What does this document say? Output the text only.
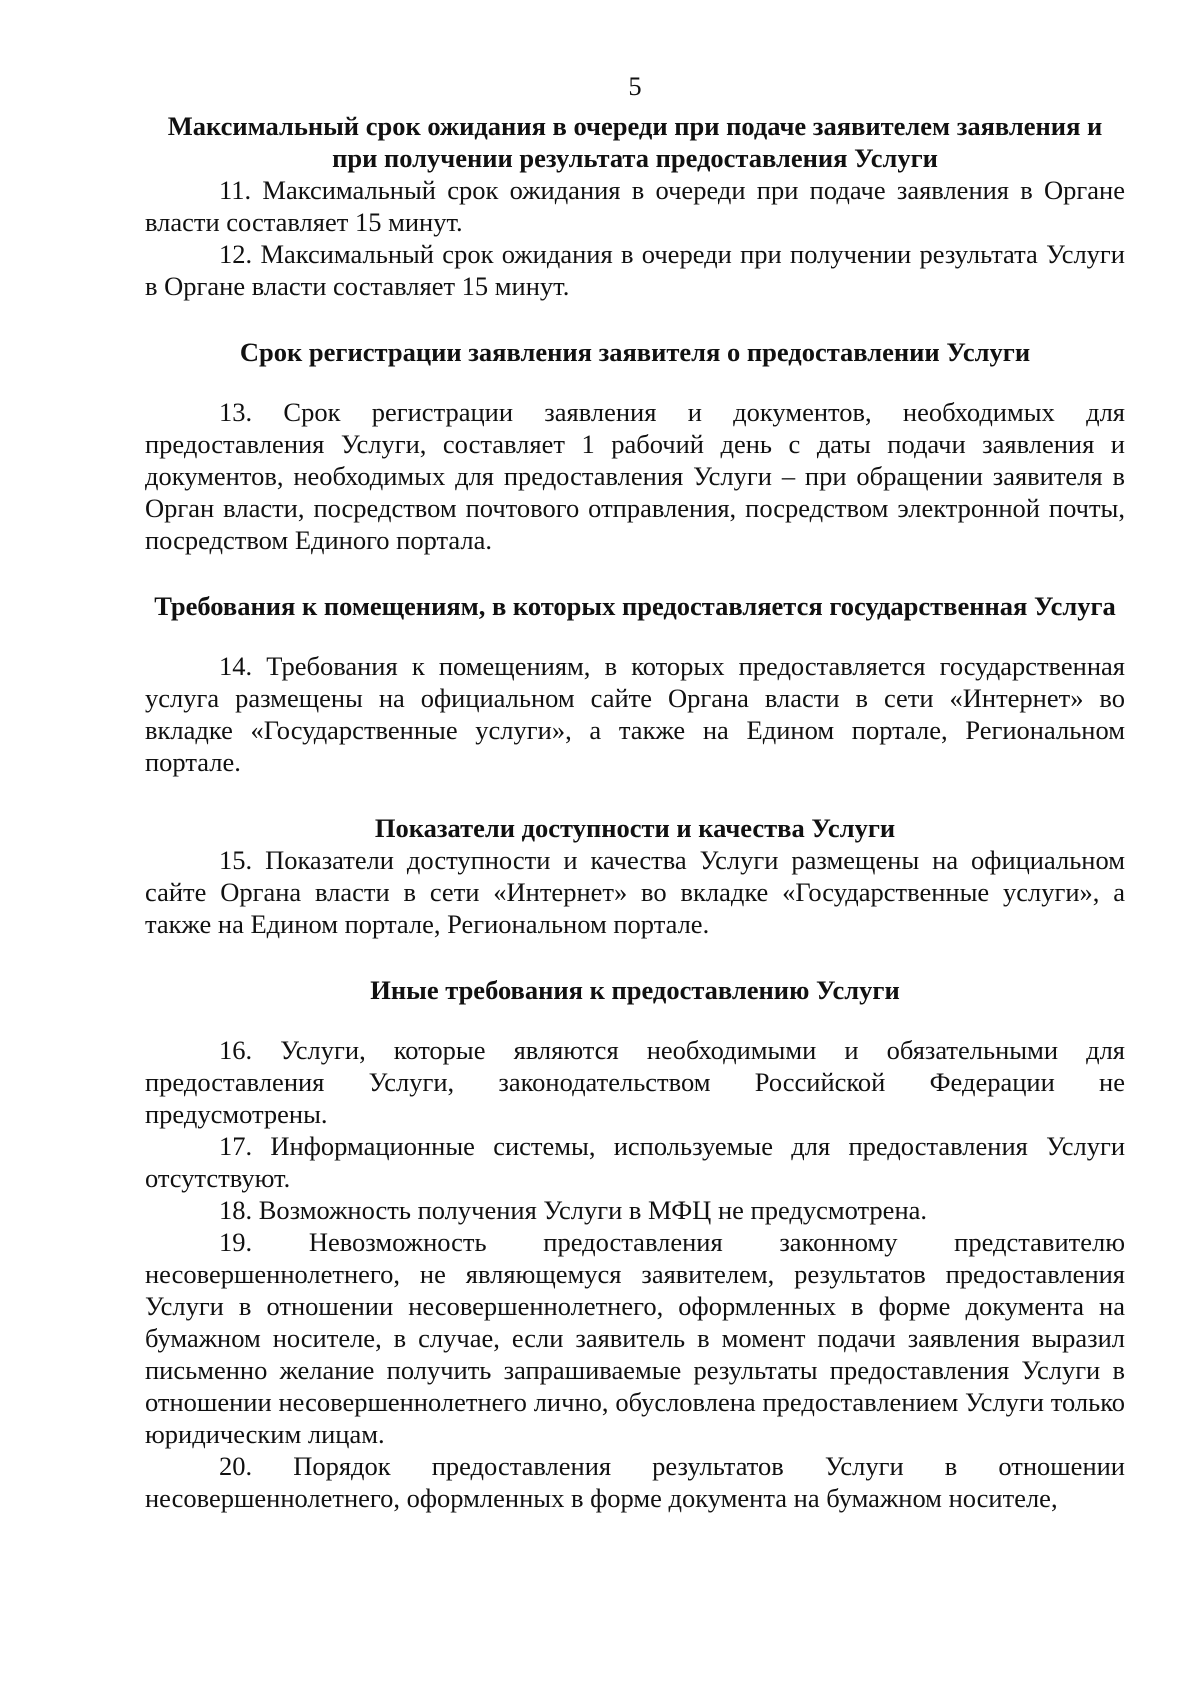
5

Максимальный срок ожидания в очереди при подаче заявителем заявления и при получении результата предоставления Услуги

11. Максимальный срок ожидания в очереди при подаче заявления в Органе власти составляет 15 минут.

12. Максимальный срок ожидания в очереди при получении результата Услуги в Органе власти составляет 15 минут.

Срок регистрации заявления заявителя о предоставлении Услуги

13. Срок регистрации заявления и документов, необходимых для предоставления Услуги, составляет 1 рабочий день с даты подачи заявления и документов, необходимых для предоставления Услуги – при обращении заявителя в Орган власти, посредством почтового отправления, посредством электронной почты, посредством Единого портала.

Требования к помещениям, в которых предоставляется государственная Услуга

14. Требования к помещениям, в которых предоставляется государственная услуга размещены на официальном сайте Органа власти в сети «Интернет» во вкладке «Государственные услуги», а также на Едином портале, Региональном портале.

Показатели доступности и качества Услуги

15. Показатели доступности и качества Услуги размещены на официальном сайте Органа власти в сети «Интернет» во вкладке «Государственные услуги», а также на Едином портале, Региональном портале.

Иные требования к предоставлению Услуги

16. Услуги, которые являются необходимыми и обязательными для предоставления Услуги, законодательством Российской Федерации не предусмотрены.

17. Информационные системы, используемые для предоставления Услуги отсутствуют.

18. Возможность получения Услуги в МФЦ не предусмотрена.

19. Невозможность предоставления законному представителю несовершеннолетнего, не являющемуся заявителем, результатов предоставления Услуги в отношении несовершеннолетнего, оформленных в форме документа на бумажном носителе, в случае, если заявитель в момент подачи заявления выразил письменно желание получить запрашиваемые результаты предоставления Услуги в отношении несовершеннолетнего лично, обусловлена предоставлением Услуги только юридическим лицам.

20. Порядок предоставления результатов Услуги в отношении несовершеннолетнего, оформленных в форме документа на бумажном носителе,
